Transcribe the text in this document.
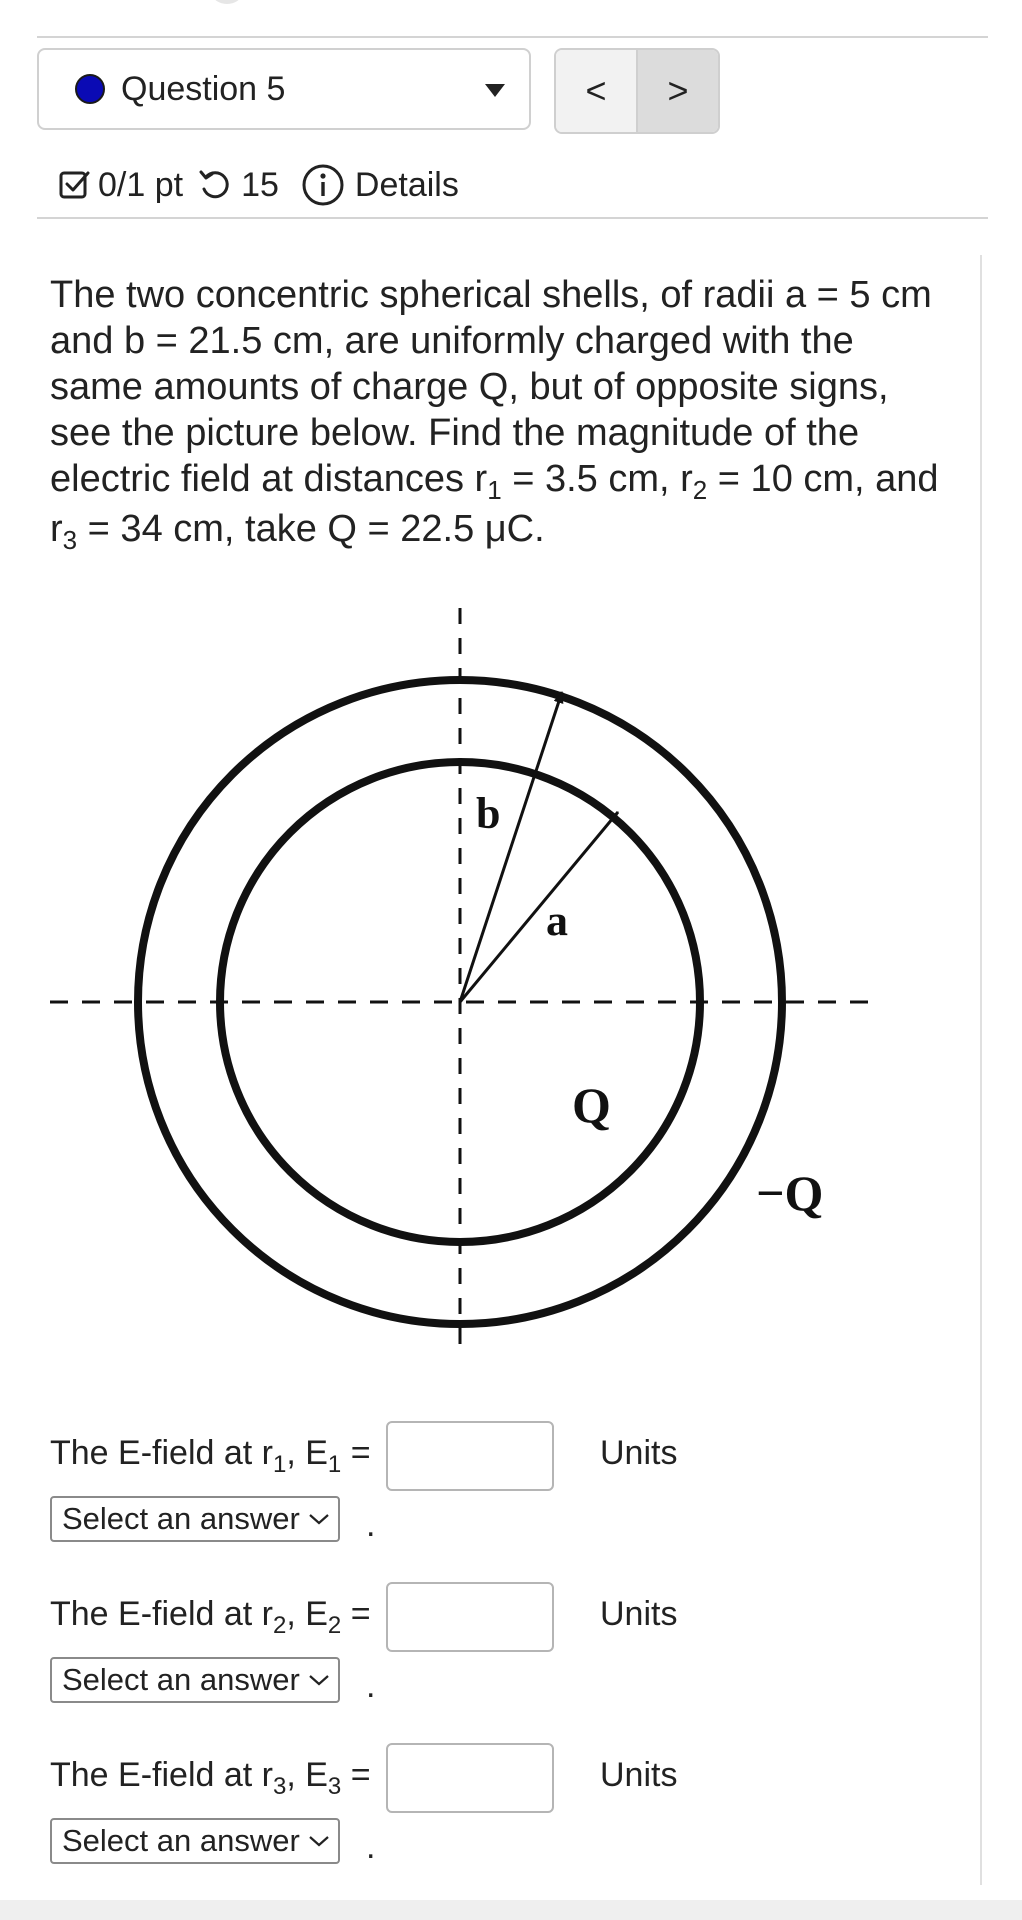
Question 5	<	>
0/1 pt 15 Details
The two concentric spherical shells, of radii a = 5 cm
and b = 21.5 cm, are uniformly charged with the
same amounts of charge Q, but of opposite signs,
see the picture below. Find the magnitude of the
electric field at distances $r_1 = 3.5$ cm, $r_2 = 10$ cm, and
$r_3 = 34$ cm, take Q = 22.5 μC.
b
a
Q
−Q
The E-field at $r_1$, $E_1$ =	Units
Select an answer .
The E-field at $r_2$, $E_2$ =	Units
Select an answer .
The E-field at $r_3$, $E_3$ =	Units
Select an answer .
